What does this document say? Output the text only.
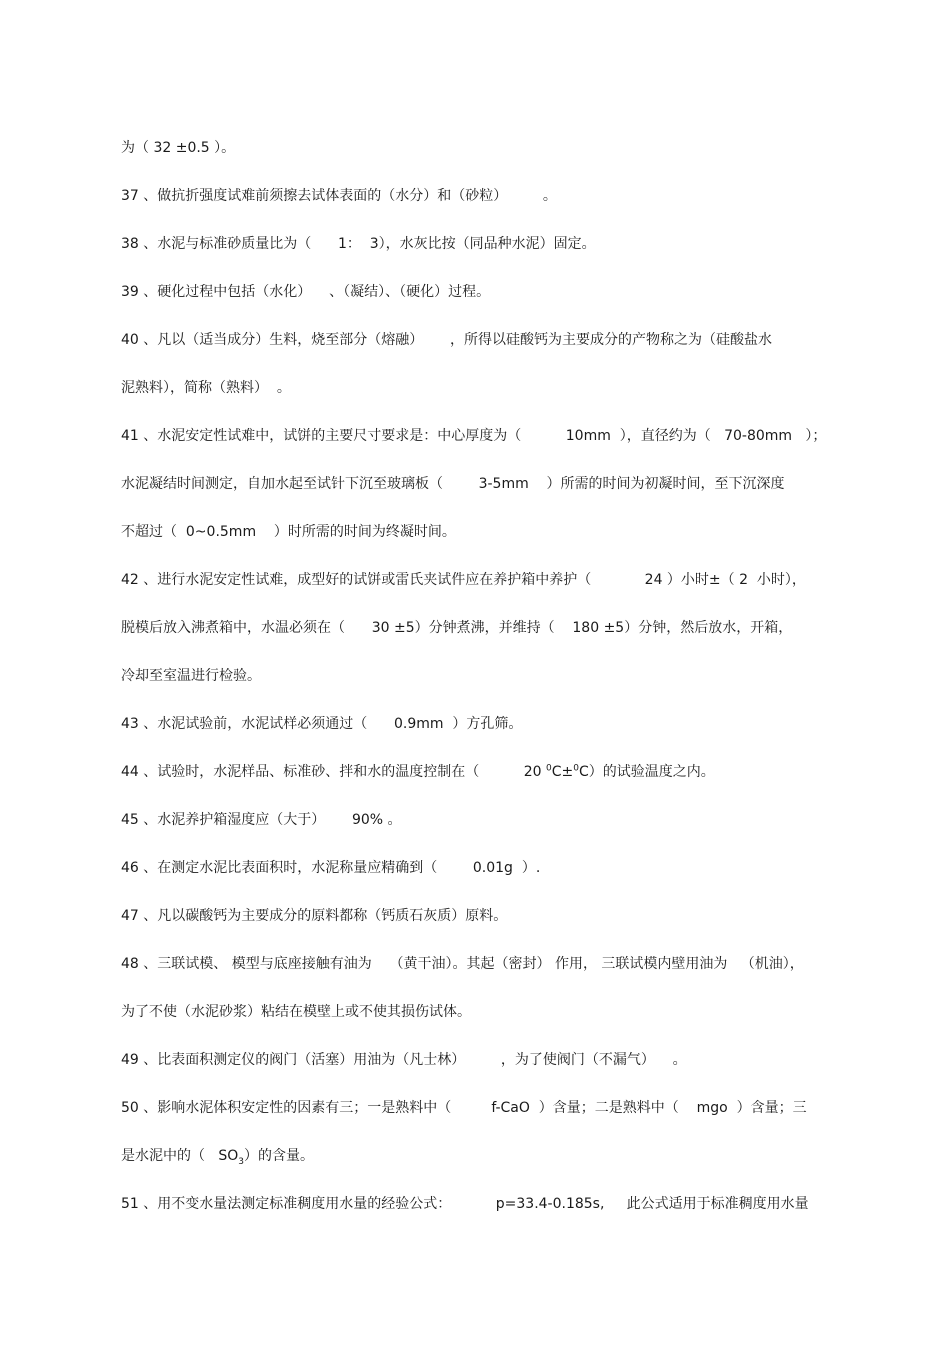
为（ 32 ±0.5 ）。
37 、做抗折强度试难前须擦去试体表面的（水分）和（砂粒）        。
38 、水泥与标准砂质量比为（      1：  3），水灰比按（同品种水泥）固定。
39 、硬化过程中包括（水化）    、（凝结）、（硬化）过程。
40 、凡以（适当成分）生料，烧至部分（熔融）      ，所得以硅酸钙为主要成分的产物称之为（硅酸盐水
泥熟料），简称（熟料）  。
41 、水泥安定性试难中，试饼的主要尺寸要求是：中心厚度为（          10mm  ），直径约为（   70-80mm   ）；
水泥凝结时间测定，自加水起至试针下沉至玻璃板（        3-5mm    ）所需的时间为初凝时间，至下沉深度
不超过（  0~0.5mm    ）时所需的时间为终凝时间。
42 、进行水泥安定性试难，成型好的试饼或雷氏夹试件应在养护箱中养护（            24 ）小时±（ 2  小时），
脱模后放入沸煮箱中，水温必须在（      30 ±5）分钟煮沸，并维持（    180 ±5）分钟，然后放水，开箱，
冷却至室温进行检验。
43 、水泥试验前，水泥试样必须通过（      0.9mm  ）方孔筛。
44 、试验时，水泥样品、标准砂、拌和水的温度控制在（          20 $^0$C±$^0$C）的试验温度之内。
45 、水泥养护箱湿度应（大于）      90% 。
46 、在测定水泥比表面积时，水泥称量应精确到（        0.01g  ）.
47 、凡以碳酸钙为主要成分的原料都称（钙质石灰质）原料。
48 、三联试模、 模型与底座接触有油为    （黄干油）。其起（密封） 作用， 三联试模内壁用油为   （机油），
为了不使（水泥砂浆）粘结在模壁上或不使其损伤试体。
49 、比表面积测定仪的阀门（活塞）用油为（凡士林）        ，为了使阀门（不漏气）    。
50 、影响水泥体积安定性的因素有三；一是熟料中（         f-CaO  ）含量；二是熟料中（    mgo  ）含量；三
是水泥中的（   $SO_3$）的含量。
51 、用不变水量法测定标准稠度用水量的经验公式：          p=33.4-0.185s,     此公式适用于标准稠度用水量
